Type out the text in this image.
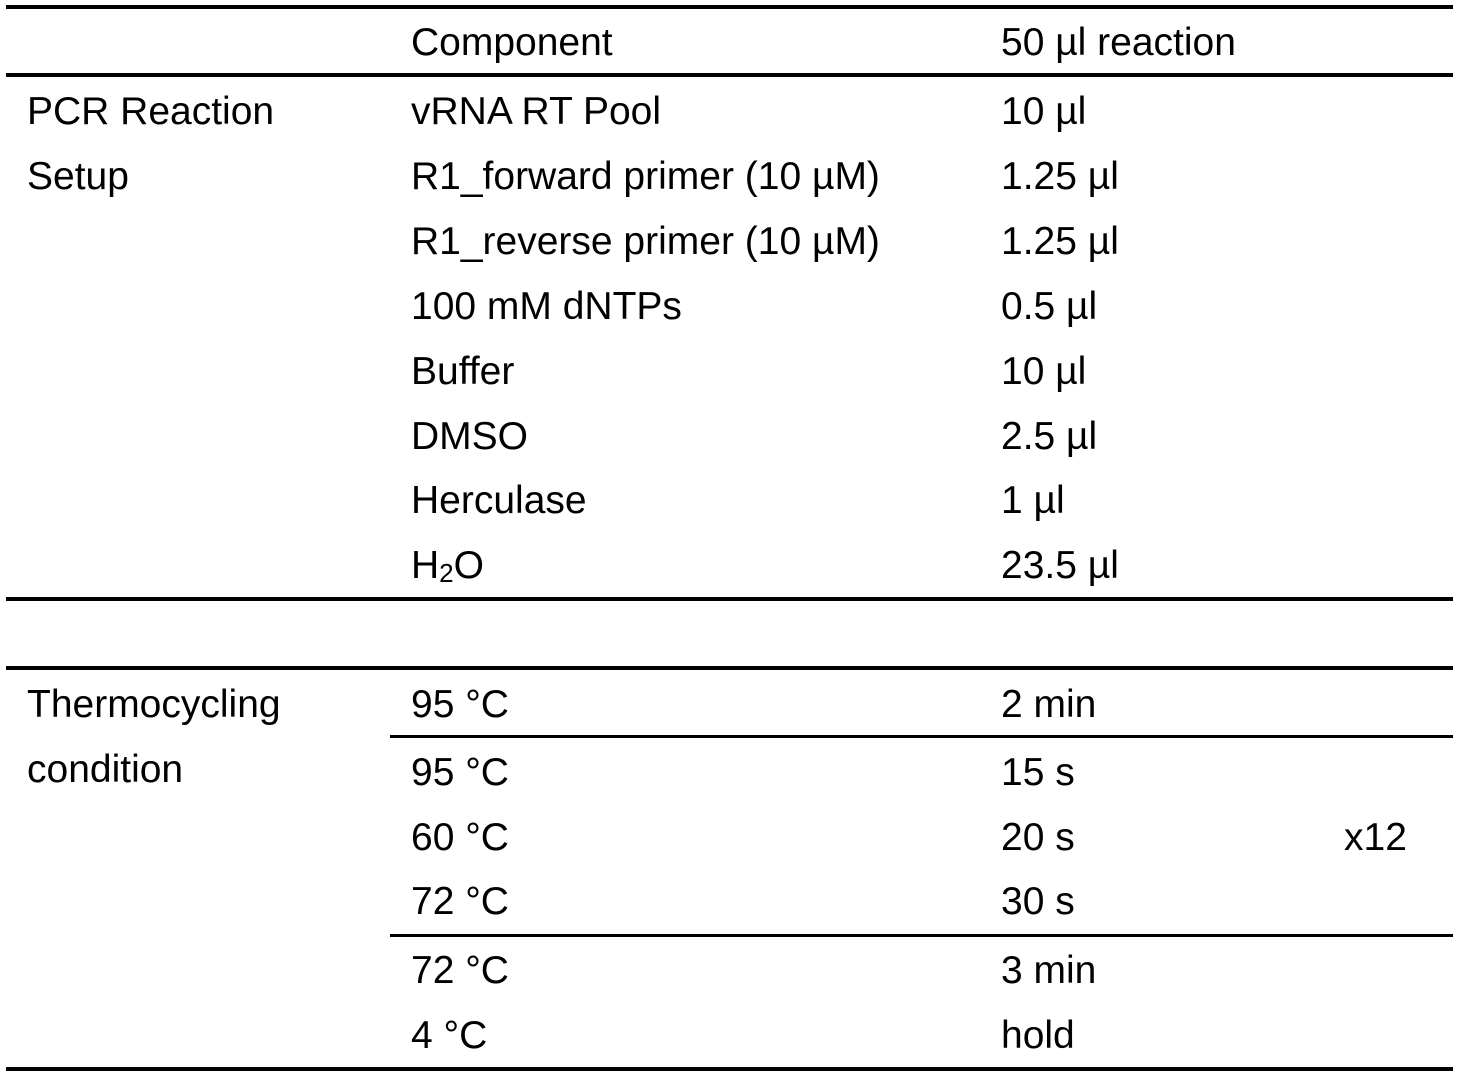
Component	50 µl reaction
PCR Reaction
Setup
vRNA RT Pool	10 µl
R1_forward primer (10 µM)	1.25 µl
R1_reverse primer (10 µM)	1.25 µl
100 mM dNTPs	0.5 µl
Buffer	10 µl
DMSO	2.5 µl
Herculase	1 µl
$H_2O$	23.5 µl
Thermocycling
condition
95 °C	2 min
95 °C	15 s
60 °C	20 s	x12
72 °C	30 s
72 °C	3 min
4 °C	hold
